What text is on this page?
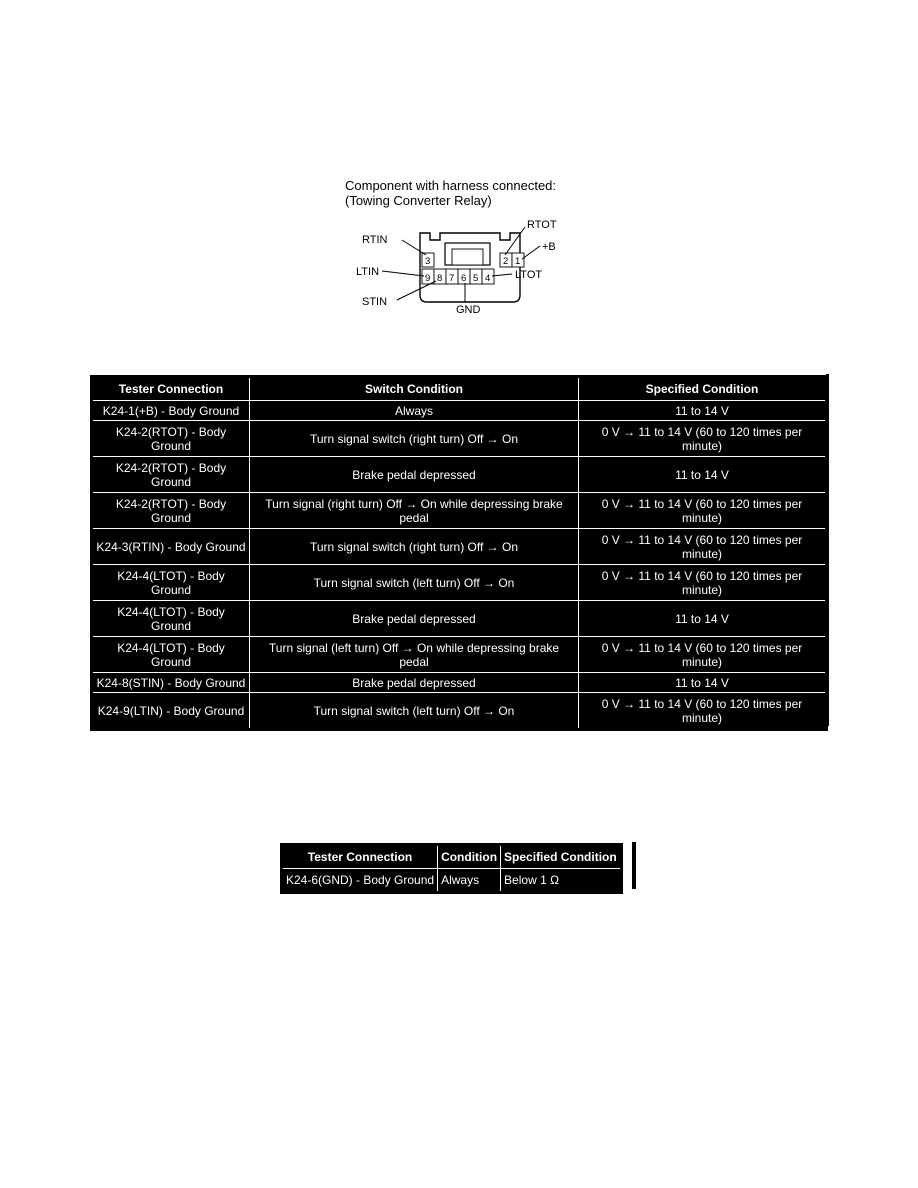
Component with harness connected:
(Towing Converter Relay)
3	2 1
9 8 7 6 5 4
RTOT
RTIN
+B
LTIN	LTOT
STIN
GND
Tester Connection	Switch Condition	Specified Condition
K24-1(+B) - Body Ground	Always	11 to 14 V
K24-2(RTOT) - Body Ground	Turn signal switch (right turn) Off → On	0 V → 11 to 14 V (60 to 120 times per minute)
K24-2(RTOT) - Body Ground	Brake pedal depressed	11 to 14 V
K24-2(RTOT) - Body Ground	Turn signal (right turn) Off → On while depressing brake pedal	0 V → 11 to 14 V (60 to 120 times per minute)
K24-3(RTIN) - Body Ground	Turn signal switch (right turn) Off → On	0 V → 11 to 14 V (60 to 120 times per minute)
K24-4(LTOT) - Body Ground	Turn signal switch (left turn) Off → On	0 V → 11 to 14 V (60 to 120 times per minute)
K24-4(LTOT) - Body Ground	Brake pedal depressed	11 to 14 V
K24-4(LTOT) - Body Ground	Turn signal (left turn) Off → On while depressing brake pedal	0 V → 11 to 14 V (60 to 120 times per minute)
K24-8(STIN) - Body Ground	Brake pedal depressed	11 to 14 V
K24-9(LTIN) - Body Ground	Turn signal switch (left turn) Off → On	0 V → 11 to 14 V (60 to 120 times per minute)
Tester Connection	Condition	Specified Condition
K24-6(GND) - Body Ground	Always	Below 1 Ω
